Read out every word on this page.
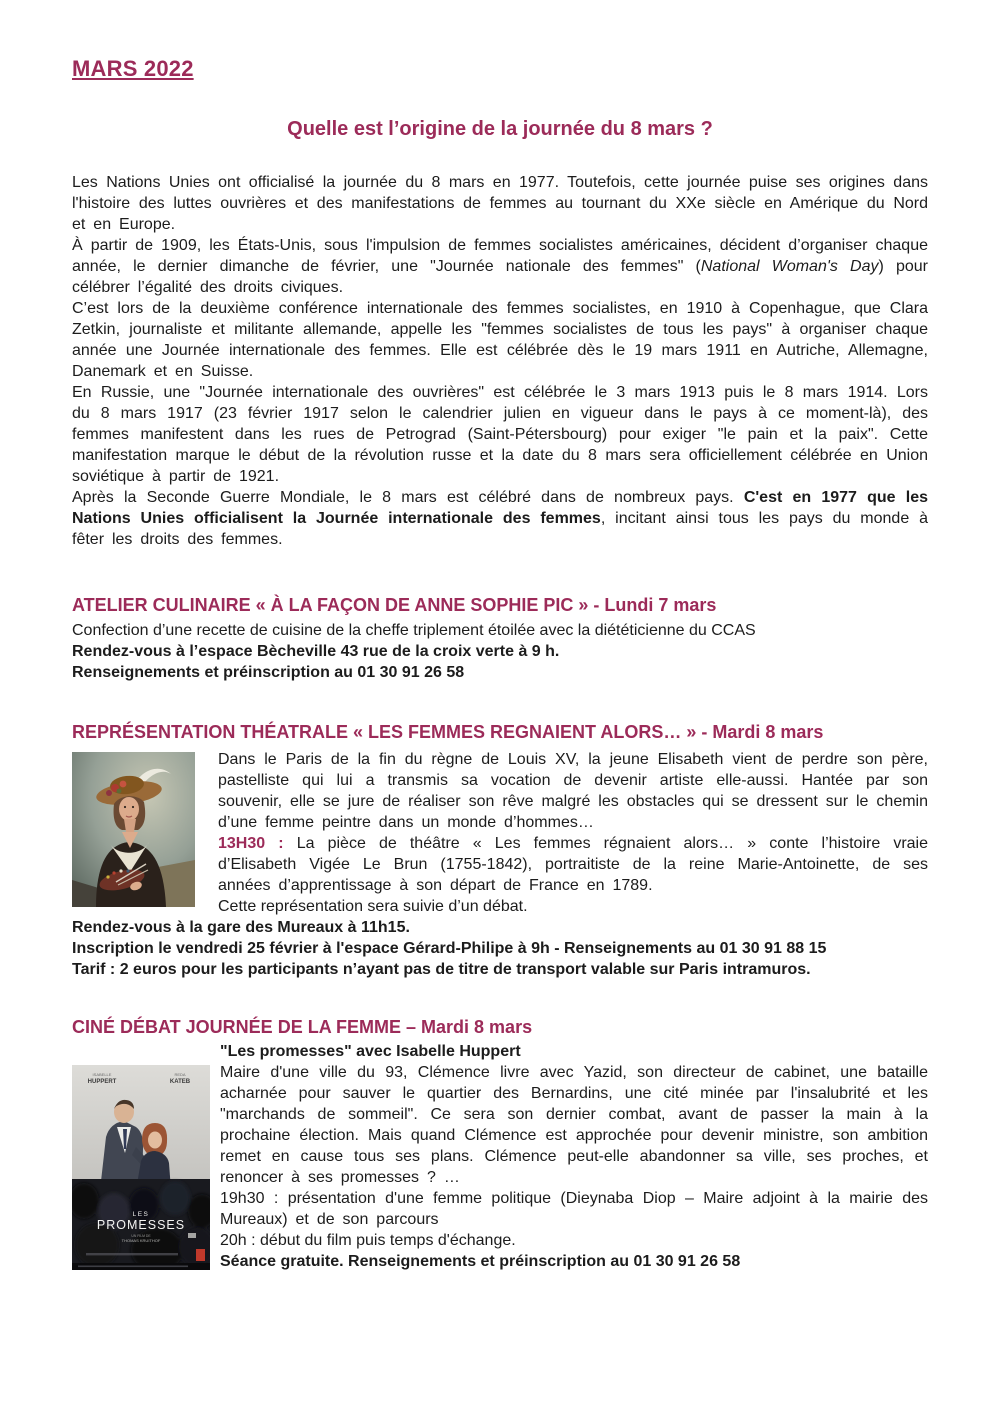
MARS 2022
Quelle est l’origine de la journée du 8 mars ?

Les Nations Unies ont officialisé la journée du 8 mars en 1977. Toutefois, cette journée puise ses origines dans l'histoire des luttes ouvrières et des manifestations de femmes au tournant du XXe siècle en Amérique du Nord et en Europe.

À partir de 1909, les États-Unis, sous l'impulsion de femmes socialistes américaines, décident d’organiser chaque année, le dernier dimanche de février, une "Journée nationale des femmes" (National Woman's Day) pour célébrer l’égalité des droits civiques.

C’est lors de la deuxième conférence internationale des femmes socialistes, en 1910 à Copenhague, que Clara Zetkin, journaliste et militante allemande, appelle les "femmes socialistes de tous les pays" à organiser chaque année une Journée internationale des femmes. Elle est célébrée dès le 19 mars 1911 en Autriche, Allemagne, Danemark et en Suisse.

En Russie, une "Journée internationale des ouvrières" est célébrée le 3 mars 1913 puis le 8 mars 1914. Lors du 8 mars 1917 (23 février 1917 selon le calendrier julien en vigueur dans le pays à ce moment-là), des femmes manifestent dans les rues de Petrograd (Saint-Pétersbourg) pour exiger "le pain et la paix". Cette manifestation marque le début de la révolution russe et la date du 8 mars sera officiellement célébrée en Union soviétique à partir de 1921.

Après la Seconde Guerre Mondiale, le 8 mars est célébré dans de nombreux pays. C'est en 1977 que les Nations Unies officialisent la Journée internationale des femmes, incitant ainsi tous les pays du monde à fêter les droits des femmes.

ATELIER CULINAIRE « À LA FAÇON DE ANNE SOPHIE PIC » - Lundi 7 mars

Confection d’une recette de cuisine de la cheffe triplement étoilée avec la diététicienne du CCAS

Rendez-vous à l’espace Bècheville 43 rue de la croix verte à 9 h.

Renseignements et préinscription au 01 30 91 26 58

REPRÉSENTATION THÉATRALE « LES FEMMES REGNAIENT ALORS… » - Mardi 8 mars

Dans le Paris de la fin du règne de Louis XV, la jeune Elisabeth vient de perdre son père, pastelliste qui lui a transmis sa vocation de devenir artiste elle-aussi. Hantée par son souvenir, elle se jure de réaliser son rêve malgré les obstacles qui se dressent sur le chemin d’une femme peintre dans un monde d’hommes…

13H30 : La pièce de théâtre « Les femmes régnaient alors… » conte l’histoire vraie d’Elisabeth Vigée Le Brun (1755-1842), portraitiste de la reine Marie-Antoinette, de ses années d’apprentissage à son départ de France en 1789.

Cette représentation sera suivie d’un débat.

Rendez-vous à la gare des Mureaux à 11h15.

Inscription le vendredi 25 février à l'espace Gérard-Philipe à 9h - Renseignements au 01 30 91 88 15

Tarif : 2 euros pour les participants n’ayant pas de titre de transport valable sur Paris intramuros.

CINÉ DÉBAT JOURNÉE DE LA FEMME – Mardi 8 mars

"Les promesses" avec Isabelle Huppert

ISABELLE
HUPPERT
REDA
KATEB
LES
PROMESSES
UN FILM DE
THOMAS KRUITHOF

Maire d'une ville du 93, Clémence livre avec Yazid, son directeur de cabinet, une bataille acharnée pour sauver le quartier des Bernardins, une cité minée par l'insalubrité et les "marchands de sommeil". Ce sera son dernier combat, avant de passer la main à la prochaine élection. Mais quand Clémence est approchée pour devenir ministre, son ambition remet en cause tous ses plans. Clémence peut-elle abandonner sa ville, ses proches, et renoncer à ses promesses ? …

19h30 : présentation d'une femme politique (Dieynaba Diop – Maire adjoint à la mairie des Mureaux) et de son parcours

20h : début du film puis temps d'échange.

Séance gratuite. Renseignements et préinscription au 01 30 91 26 58
